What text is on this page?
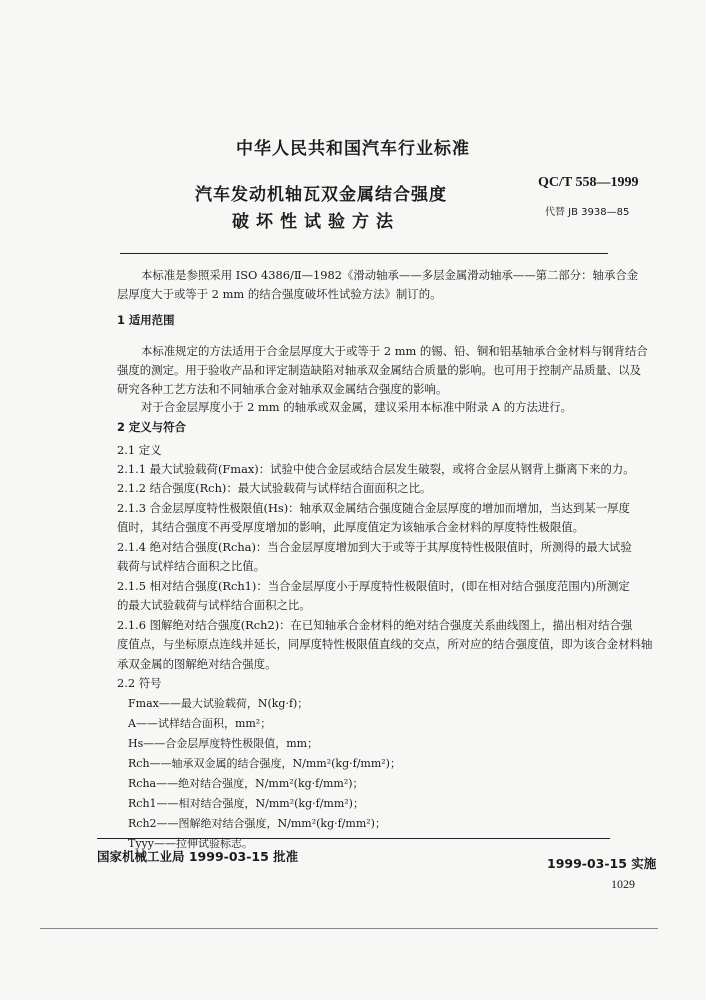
中华人民共和国汽车行业标准
汽车发动机轴瓦双金属结合强度
破坏性试验方法
QC/T 558—1999
代替 JB 3938—85
本标准是参照采用 ISO 4386/Ⅱ—1982《滑动轴承——多层金属滑动轴承——第二部分：轴承合金
层厚度大于或等于 2 mm 的结合强度破坏性试验方法》制订的。
1 适用范围
本标准规定的方法适用于合金层厚度大于或等于 2 mm 的锡、铅、铜和铝基轴承合金材料与钢背结合
强度的测定。用于验收产品和评定制造缺陷对轴承双金属结合质量的影响。也可用于控制产品质量、以及
研究各种工艺方法和不同轴承合金对轴承双金属结合强度的影响。
对于合金层厚度小于 2 mm 的轴承或双金属，建议采用本标准中附录 A 的方法进行。
2 定义与符合
2.1 定义
2.1.1 最大试验载荷(Fmax)：试验中使合金层或结合层发生破裂，或将合金层从钢背上撕离下来的力。
2.1.2 结合强度(Rch)：最大试验载荷与试样结合面面积之比。
2.1.3 合金层厚度特性极限值(Hs)：轴承双金属结合强度随合金层厚度的增加而增加，当达到某一厚度
值时，其结合强度不再受厚度增加的影响，此厚度值定为该轴承合金材料的厚度特性极限值。
2.1.4 绝对结合强度(Rcha)：当合金层厚度增加到大于或等于其厚度特性极限值时，所测得的最大试验
载荷与试样结合面积之比值。
2.1.5 相对结合强度(Rch1)：当合金层厚度小于厚度特性极限值时，(即在相对结合强度范围内)所测定
的最大试验载荷与试样结合面积之比。
2.1.6 图解绝对结合强度(Rch2)：在已知轴承合金材料的绝对结合强度关系曲线图上，描出相对结合强
度值点，与坐标原点连线并延长，同厚度特性极限值直线的交点，所对应的结合强度值，即为该合金材料轴
承双金属的图解绝对结合强度。
2.2 符号
Fmax——最大试验载荷，N(kg·f)；
A——试样结合面积，mm²；
Hs——合金层厚度特性极限值，mm；
Rch——轴承双金属的结合强度，N/mm²(kg·f/mm²)；
Rcha——绝对结合强度，N/mm²(kg·f/mm²)；
Rch1——相对结合强度，N/mm²(kg·f/mm²)；
Rch2——图解绝对结合强度，N/mm²(kg·f/mm²)；
Tyyy——拉伸试验标志。
国家机械工业局 1999-03-15 批准	1999-03-15 实施
1029
